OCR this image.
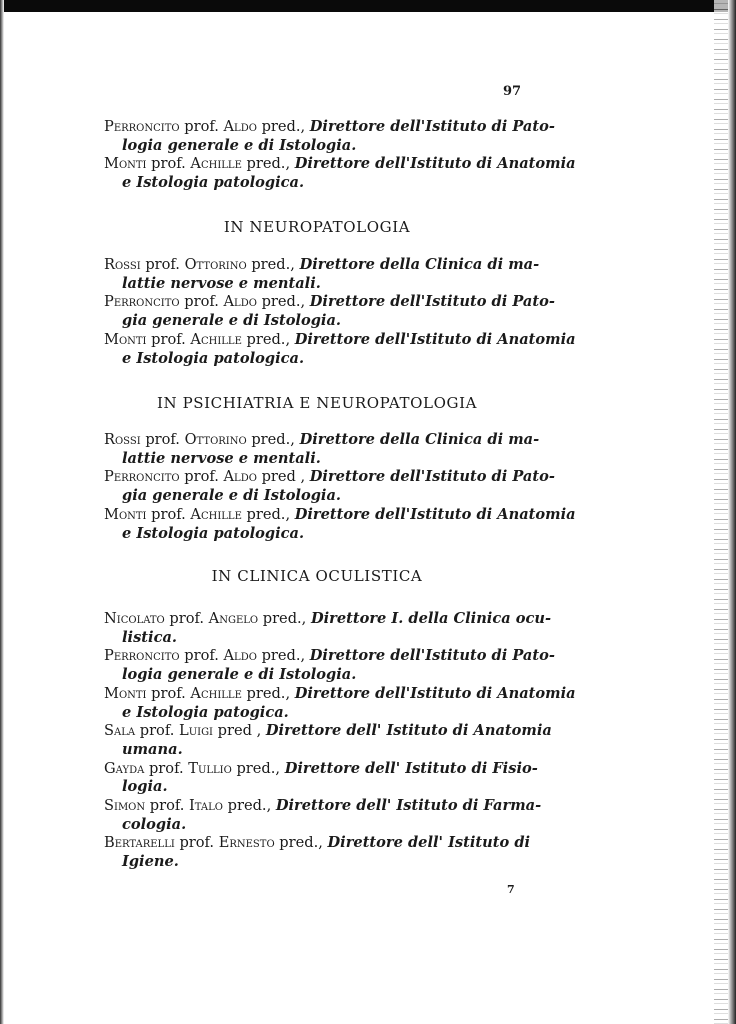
97
Perroncito prof. Aldo pred., Direttore dell'Istituto di Pato-
logia generale e di Istologia.
Monti prof. Achille pred., Direttore dell'Istituto di Anatomia
e Istologia patologica.
IN NEUROPATOLOGIA
Rossi prof. Ottorino pred., Direttore della Clinica di ma-
lattie nervose e mentali.
Perroncito prof. Aldo pred., Direttore dell'Istituto di Pato-
gia generale e di Istologia.
Monti prof. Achille pred., Direttore dell'Istituto di Anatomia
e Istologia patologica.
IN PSICHIATRIA E NEUROPATOLOGIA
Rossi prof. Ottorino pred., Direttore della Clinica di ma-
lattie nervose e mentali.
Perroncito prof. Aldo pred , Direttore dell'Istituto di Pato-
gia generale e di Istologia.
Monti prof. Achille pred., Direttore dell'Istituto di Anatomia
e Istologia patologica.
IN CLINICA OCULISTICA
Nicolato prof. Angelo pred., Direttore I. della Clinica ocu-
listica.
Perroncito prof. Aldo pred., Direttore dell'Istituto di Pato-
logia generale e di Istologia.
Monti prof. Achille pred., Direttore dell'Istituto di Anatomia
e Istologia patogica.
Sala prof. Luigi pred , Direttore dell' Istituto di Anatomia
umana.
Gayda prof. Tullio pred., Direttore dell' Istituto di Fisio-
logia.
Simon prof. Italo pred., Direttore dell' Istituto di Farma-
cologia.
Bertarelli prof. Ernesto pred., Direttore dell' Istituto di
Igiene.
7
